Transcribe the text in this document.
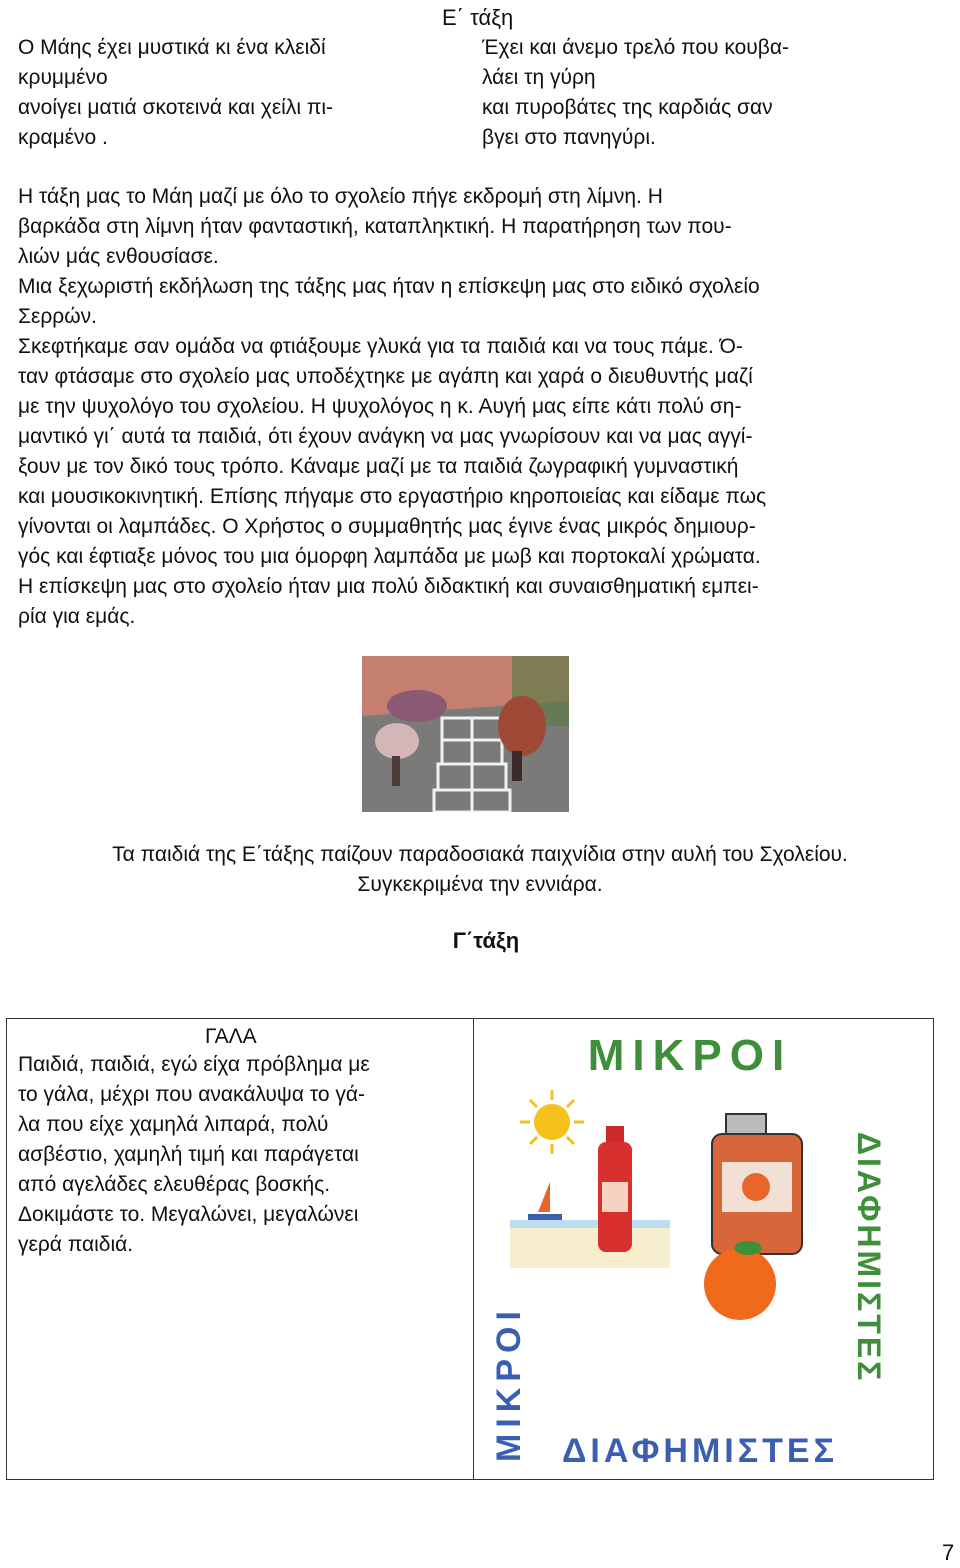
Ε΄ τάξη
Ο Μάης έχει μυστικά κι ένα κλειδί
κρυμμένο
ανοίγει ματιά σκοτεινά και χείλι πι-
κραμένο .
Έχει και άνεμο τρελό που κουβα-
λάει τη γύρη
και πυροβάτες της καρδιάς σαν
βγει στο πανηγύρι.
Η τάξη μας το Μάη μαζί με όλο το σχολείο πήγε εκδρομή στη λίμνη. Η
βαρκάδα στη λίμνη ήταν φανταστική, καταπληκτική. Η παρατήρηση των που-
λιών μάς ενθουσίασε.
Μια ξεχωριστή εκδήλωση της τάξης μας ήταν η επίσκεψη μας στο ειδικό σχολείο
Σερρών.
Σκεφτήκαμε σαν ομάδα να φτιάξουμε γλυκά για τα παιδιά και να τους πάμε. Ό-
ταν φτάσαμε στο σχολείο μας υποδέχτηκε με αγάπη και χαρά ο διευθυντής μαζί
με την ψυχολόγο του σχολείου. Η ψυχολόγος η κ. Αυγή μας είπε κάτι πολύ ση-
μαντικό γι΄ αυτά τα παιδιά, ότι έχουν ανάγκη να μας γνωρίσουν και να μας αγγί-
ξουν με τον δικό τους τρόπο. Κάναμε μαζί με τα παιδιά ζωγραφική γυμναστική
και μουσικοκινητική. Επίσης πήγαμε στο εργαστήριο κηροποιείας και είδαμε πως
γίνονται οι λαμπάδες. Ο Χρήστος ο συμμαθητής μας έγινε ένας μικρός δημιουρ-
γός και έφτιαξε μόνος του μια όμορφη λαμπάδα με μωβ και πορτοκαλί χρώματα.
Η επίσκεψη μας στο σχολείο ήταν μια πολύ διδακτική και συναισθηματική εμπει-
ρία για εμάς.
Τα παιδιά της Ε΄τάξης παίζουν παραδοσιακά παιχνίδια στην αυλή του Σχολείου.
Συγκεκριμένα την εννιάρα.
Γ΄τάξη
ΓΑΛΑ
Παιδιά, παιδιά, εγώ είχα πρόβλημα με
το γάλα, μέχρι που ανακάλυψα το γά-
λα που είχε χαμηλά λιπαρά, πολύ
ασβέστιο, χαμηλή τιμή και παράγεται
από αγελάδες ελευθέρας βοσκής.
Δοκιμάστε το. Μεγαλώνει, μεγαλώνει
γερά παιδιά.
ΜΙΚΡΟΙ
ΔΙΑΦΗΜΙΣΤΕΣ
ΜΙΚΡΟΙ ΔΙΑΦΗΜΙΣΤΕΣ
7
